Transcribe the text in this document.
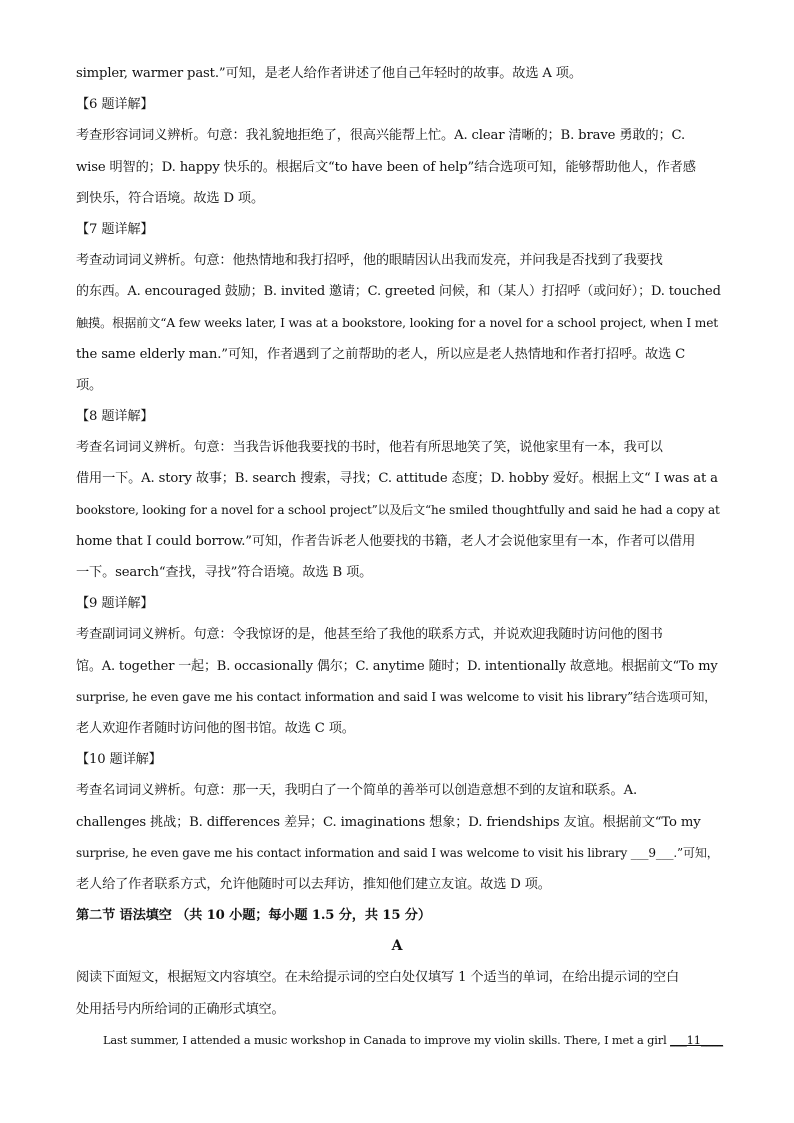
simpler, warmer past.”可知，是老人给作者讲述了他自己年轻时的故事。故选 A 项。
【6 题详解】
考查形容词词义辨析。句意：我礼貌地拒绝了，很高兴能帮上忙。A. clear 清晰的；B. brave 勇敢的；C.
wise 明智的；D. happy 快乐的。根据后文“to have been of help”结合选项可知，能够帮助他人，作者感
到快乐，符合语境。故选 D 项。
【7 题详解】
考查动词词义辨析。句意：他热情地和我打招呼，他的眼睛因认出我而发亮，并问我是否找到了我要找
的东西。A. encouraged 鼓励；B. invited 邀请；C. greeted 问候，和（某人）打招呼（或问好）；D. touched
触摸。根据前文“A few weeks later, I was at a bookstore, looking for a novel for a school project, when I met
the same elderly man.”可知，作者遇到了之前帮助的老人，所以应是老人热情地和作者打招呼。故选 C
项。
【8 题详解】
考查名词词义辨析。句意：当我告诉他我要找的书时，他若有所思地笑了笑，说他家里有一本，我可以
借用一下。A. story 故事；B. search 搜索，寻找；C. attitude 态度；D. hobby 爱好。根据上文“ I was at a
bookstore, looking for a novel for a school project”以及后文“he smiled thoughtfully and said he had a copy at
home that I could borrow.”可知，作者告诉老人他要找的书籍，老人才会说他家里有一本，作者可以借用
一下。search“查找，寻找”符合语境。故选 B 项。
【9 题详解】
考查副词词义辨析。句意：令我惊讶的是，他甚至给了我他的联系方式，并说欢迎我随时访问他的图书
馆。A. together 一起；B. occasionally 偶尔；C. anytime 随时；D. intentionally 故意地。根据前文“To my
surprise, he even gave me his contact information and said I was welcome to visit his library”结合选项可知，
老人欢迎作者随时访问他的图书馆。故选 C 项。
【10 题详解】
考查名词词义辨析。句意：那一天，我明白了一个简单的善举可以创造意想不到的友谊和联系。A.
challenges 挑战；B. differences 差异；C. imaginations 想象；D. friendships 友谊。根据前文“To my
surprise, he even gave me his contact information and said I was welcome to visit his library ___9___.”可知，
老人给了作者联系方式，允许他随时可以去拜访，推知他们建立友谊。故选 D 项。
第二节 语法填空 （共 10 小题；每小题 1.5 分，共 15 分）
A
阅读下面短文，根据短文内容填空。在未给提示词的空白处仅填写 1 个适当的单词，在给出提示词的空白
处用括号内所给词的正确形式填空。
Last summer, I attended a music workshop in Canada to improve my violin skills. There, I met a girl ___11____
